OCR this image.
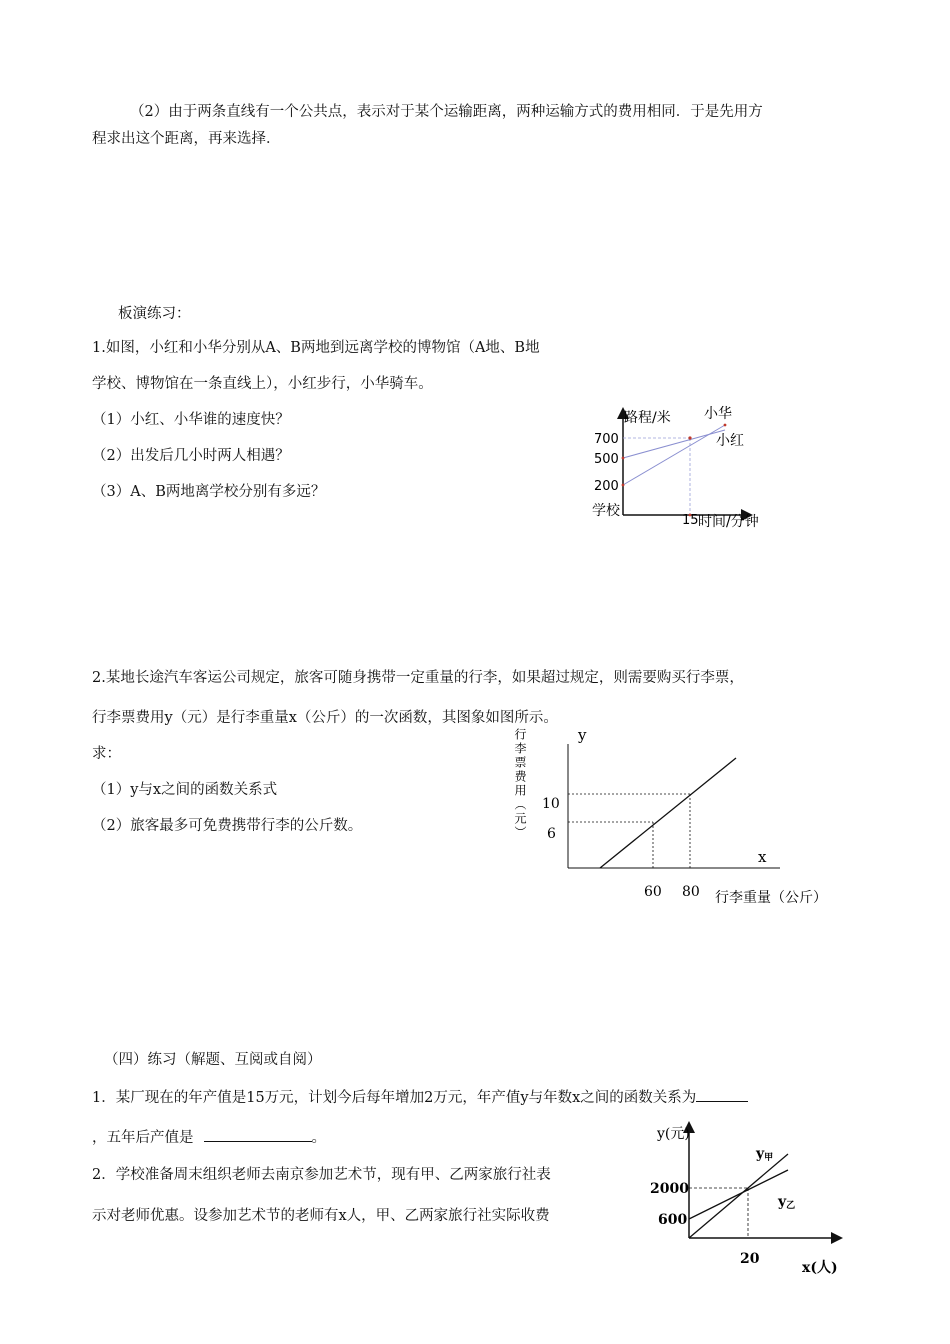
（2）由于两条直线有一个公共点，表示对于某个运输距离，两种运输方式的费用相同．于是先用方
程求出这个距离，再来选择．
板演练习：
1.如图，小红和小华分别从A、B两地到远离学校的博物馆（A地、B地
学校、博物馆在一条直线上），小红步行，小华骑车。
（1）小红、小华谁的速度快？
（2）出发后几小时两人相遇？
（3）A、B两地离学校分别有多远？
路程/米 小华
小红
700
500
200
学校
15 时间/分钟
2.某地长途汽车客运公司规定，旅客可随身携带一定重量的行李，如果超过规定，则需要购买行李票，
行李票费用y（元）是行李重量x（公斤）的一次函数，其图象如图所示。
求：
（1）y与x之间的函数关系式
（2）旅客最多可免费携带行李的公斤数。
y
x
行李票费用（元） 10
6
60 80 行李重量（公斤）
（四）练习（解题、互阅或自阅）
1．某厂现在的年产值是15万元，计划今后每年增加2万元，年产值y与年数x之间的函数关系为
，五年后产值是	。
2．学校准备周末组织老师去南京参加艺术节，现有甲、乙两家旅行社表
示对老师优惠。设参加艺术节的老师有x人，甲、乙两家旅行社实际收费
y(元)
y甲
y乙
2000
600
20
x(人)
